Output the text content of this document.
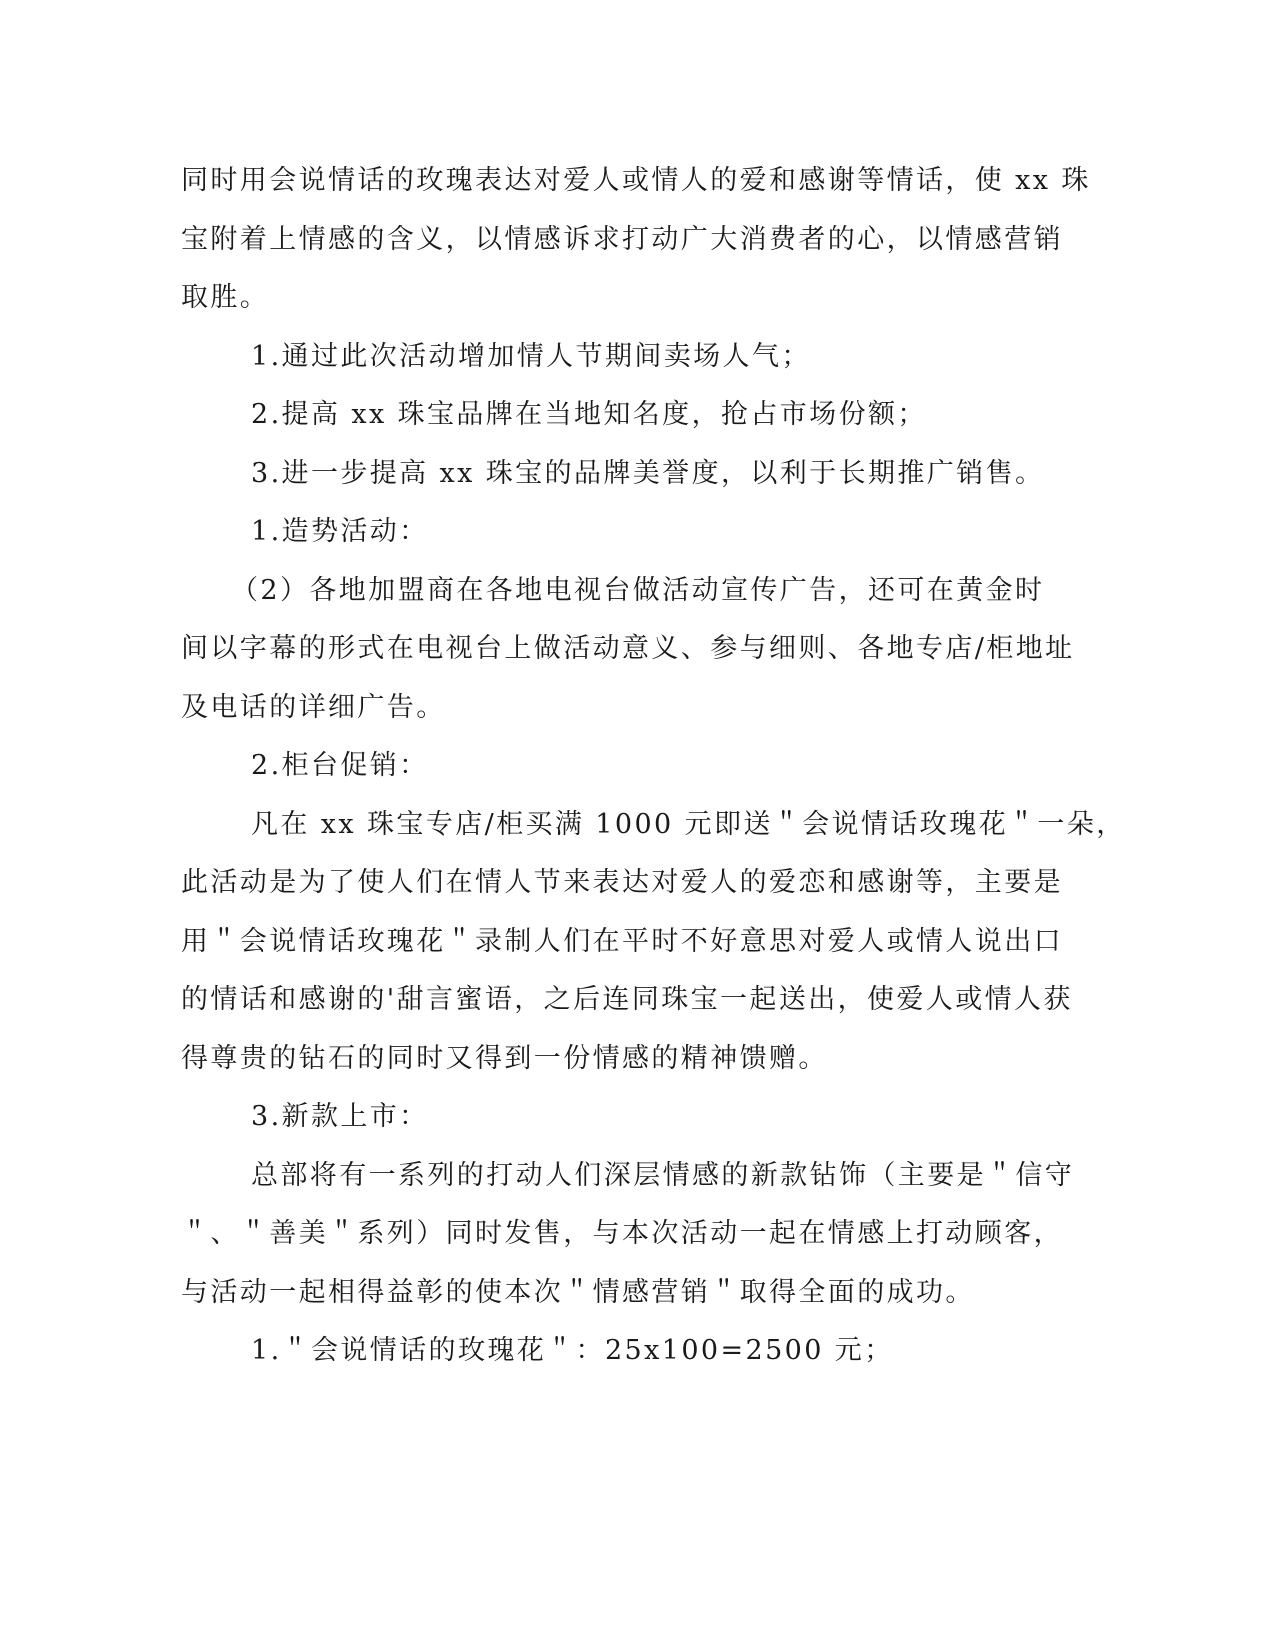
同时用会说情话的玫瑰表达对爱人或情人的爱和感谢等情话，使 xx 珠
宝附着上情感的含义，以情感诉求打动广大消费者的心，以情感营销
取胜。
1.通过此次活动增加情人节期间卖场人气；
2.提高 xx 珠宝品牌在当地知名度，抢占市场份额；
3.进一步提高 xx 珠宝的品牌美誉度，以利于长期推广销售。
1.造势活动：
（2）各地加盟商在各地电视台做活动宣传广告，还可在黄金时
间以字幕的形式在电视台上做活动意义、参与细则、各地专店/柜地址
及电话的详细广告。
2.柜台促销：
凡在 xx 珠宝专店/柜买满 1000 元即送＂会说情话玫瑰花＂一朵，
此活动是为了使人们在情人节来表达对爱人的爱恋和感谢等，主要是
用＂会说情话玫瑰花＂录制人们在平时不好意思对爱人或情人说出口
的情话和感谢的'甜言蜜语，之后连同珠宝一起送出，使爱人或情人获
得尊贵的钻石的同时又得到一份情感的精神馈赠。
3.新款上市：
总部将有一系列的打动人们深层情感的新款钻饰（主要是＂信守
＂、＂善美＂系列）同时发售，与本次活动一起在情感上打动顾客，
与活动一起相得益彰的使本次＂情感营销＂取得全面的成功。
1.＂会说情话的玫瑰花＂：25x100=2500 元；
